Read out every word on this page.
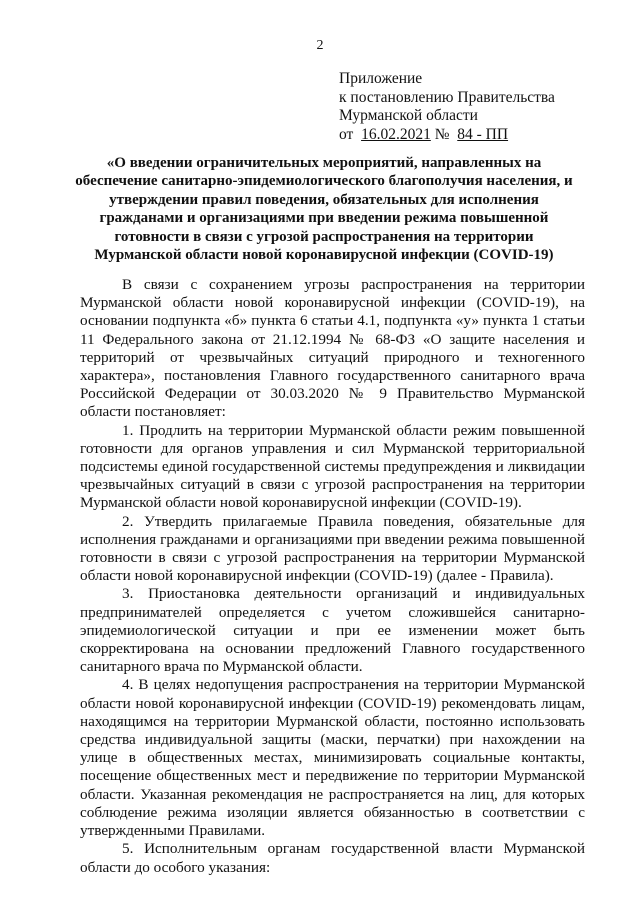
2
Приложение
к постановлению Правительства
Мурманской области
от 16.02.2021 № 84 - ПП
«О введении ограничительных мероприятий, направленных на
обеспечение санитарно-эпидемиологического благополучия населения, и
утверждении правил поведения, обязательных для исполнения
гражданами и организациями при введении режима повышенной
готовности в связи с угрозой распространения на территории
Мурманской области новой коронавирусной инфекции (COVID-19)
В связи с сохранением угрозы распространения на территории
Мурманской области новой коронавирусной инфекции (COVID-19), на
основании подпункта «б» пункта 6 статьи 4.1, подпункта «у» пункта 1 статьи
11 Федерального закона от 21.12.1994 № 68-ФЗ «О защите населения и
территорий от чрезвычайных ситуаций природного и техногенного
характера», постановления Главного государственного санитарного врача
Российской Федерации от 30.03.2020 № 9 Правительство Мурманской
области постановляет:
1. Продлить на территории Мурманской области режим повышенной
готовности для органов управления и сил Мурманской территориальной
подсистемы единой государственной системы предупреждения и ликвидации
чрезвычайных ситуаций в связи с угрозой распространения на территории
Мурманской области новой коронавирусной инфекции (COVID-19).
2. Утвердить прилагаемые Правила поведения, обязательные для
исполнения гражданами и организациями при введении режима повышенной
готовности в связи с угрозой распространения на территории Мурманской
области новой коронавирусной инфекции (COVID-19) (далее - Правила).
3. Приостановка деятельности организаций и индивидуальных
предпринимателей определяется с учетом сложившейся санитарно-
эпидемиологической ситуации и при ее изменении может быть
скорректирована на основании предложений Главного государственного
санитарного врача по Мурманской области.
4. В целях недопущения распространения на территории Мурманской
области новой коронавирусной инфекции (COVID-19) рекомендовать лицам,
находящимся на территории Мурманской области, постоянно использовать
средства индивидуальной защиты (маски, перчатки) при нахождении на
улице в общественных местах, минимизировать социальные контакты,
посещение общественных мест и передвижение по территории Мурманской
области. Указанная рекомендация не распространяется на лиц, для которых
соблюдение режима изоляции является обязанностью в соответствии с
утвержденными Правилами.
5. Исполнительным органам государственной власти Мурманской
области до особого указания:
